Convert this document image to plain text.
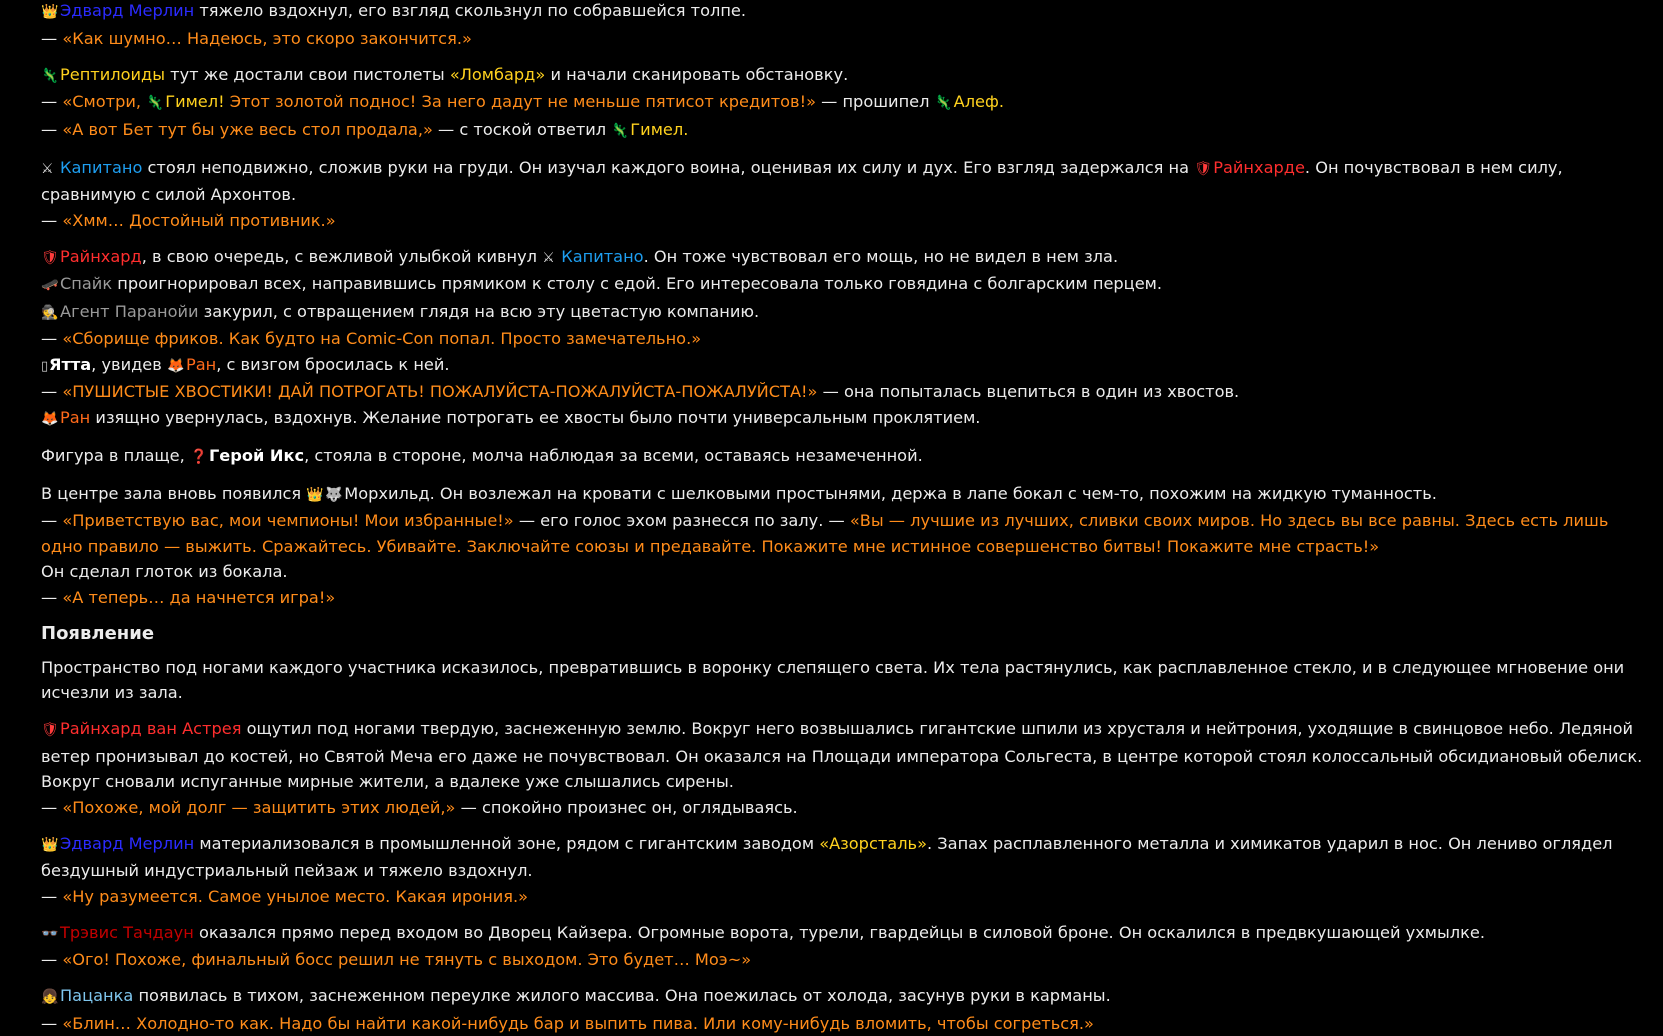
👑Эдвард Мерлин тяжело вздохнул, его взгляд скользнул по собравшейся толпе.
— «Как шумно… Надеюсь, это скоро закончится.»
🦎Рептилоиды тут же достали свои пистолеты «Ломбард» и начали сканировать обстановку.
— «Смотри, 🦎Гимел! Этот золотой поднос! За него дадут не меньше пятисот кредитов!» — прошипел 🦎Алеф.
— «А вот Бет тут бы уже весь стол продала,» — с тоской ответил 🦎Гимел.
⚔ Капитано стоял неподвижно, сложив руки на груди. Он изучал каждого воина, оценивая их силу и дух. Его взгляд задержался на 🛡Райнхарде. Он почувствовал в нем силу, сравнимую с силой Архонтов.
— «Хмм… Достойный противник.»
🛡Райнхард, в свою очередь, с вежливой улыбкой кивнул ⚔ Капитано. Он тоже чувствовал его мощь, но не видел в нем зла.
🛹Спайк проигнорировал всех, направившись прямиком к столу с едой. Его интересовала только говядина с болгарским перцем.
🕵Агент Паранойи закурил, с отвращением глядя на всю эту цветастую компанию.
— «Сборище фриков. Как будто на Comic-Con попал. Просто замечательно.»
▯Ятта, увидев 🦊Ран, с визгом бросилась к ней.
— «ПУШИСТЫЕ ХВОСТИКИ! ДАЙ ПОТРОГАТЬ! ПОЖАЛУЙСТА-ПОЖАЛУЙСТА-ПОЖАЛУЙСТА!» — она попыталась вцепиться в один из хвостов.
🦊Ран изящно увернулась, вздохнув. Желание потрогать ее хвосты было почти универсальным проклятием.
Фигура в плаще, ❓Герой Икс, стояла в стороне, молча наблюдая за всеми, оставаясь незамеченной.
В центре зала вновь появился 👑 🐺Морхильд. Он возлежал на кровати с шелковыми простынями, держа в лапе бокал с чем-то, похожим на жидкую туманность.
— «Приветствую вас, мои чемпионы! Мои избранные!» — его голос эхом разнесся по залу. — «Вы — лучшие из лучших, сливки своих миров. Но здесь вы все равны. Здесь есть лишь одно правило — выжить. Сражайтесь. Убивайте. Заключайте союзы и предавайте. Покажите мне истинное совершенство битвы! Покажите мне страсть!»
Он сделал глоток из бокала.
— «А теперь… да начнется игра!»
Появление
Пространство под ногами каждого участника исказилось, превратившись в воронку слепящего света. Их тела растянулись, как расплавленное стекло, и в следующее мгновение они исчезли из зала.
🛡Райнхард ван Астрея ощутил под ногами твердую, заснеженную землю. Вокруг него возвышались гигантские шпили из хрусталя и нейтрония, уходящие в свинцовое небо. Ледяной ветер пронизывал до костей, но Святой Меча его даже не почувствовал. Он оказался на Площади императора Сольгеста, в центре которой стоял колоссальный обсидиановый обелиск. Вокруг сновали испуганные мирные жители, а вдалеке уже слышались сирены.
— «Похоже, мой долг — защитить этих людей,» — спокойно произнес он, оглядываясь.
👑Эдвард Мерлин материализовался в промышленной зоне, рядом с гигантским заводом «Азорсталь». Запах расплавленного металла и химикатов ударил в нос. Он лениво оглядел бездушный индустриальный пейзаж и тяжело вздохнул.
— «Ну разумеется. Самое унылое место. Какая ирония.»
👓Трэвис Тачдаун оказался прямо перед входом во Дворец Кайзера. Огромные ворота, турели, гвардейцы в силовой броне. Он оскалился в предвкушающей ухмылке.
— «Ого! Похоже, финальный босс решил не тянуть с выходом. Это будет… Моэ~»
👧Пацанка появилась в тихом, заснеженном переулке жилого массива. Она поежилась от холода, засунув руки в карманы.
— «Блин… Холодно-то как. Надо бы найти какой-нибудь бар и выпить пива. Или кому-нибудь вломить, чтобы согреться.»
